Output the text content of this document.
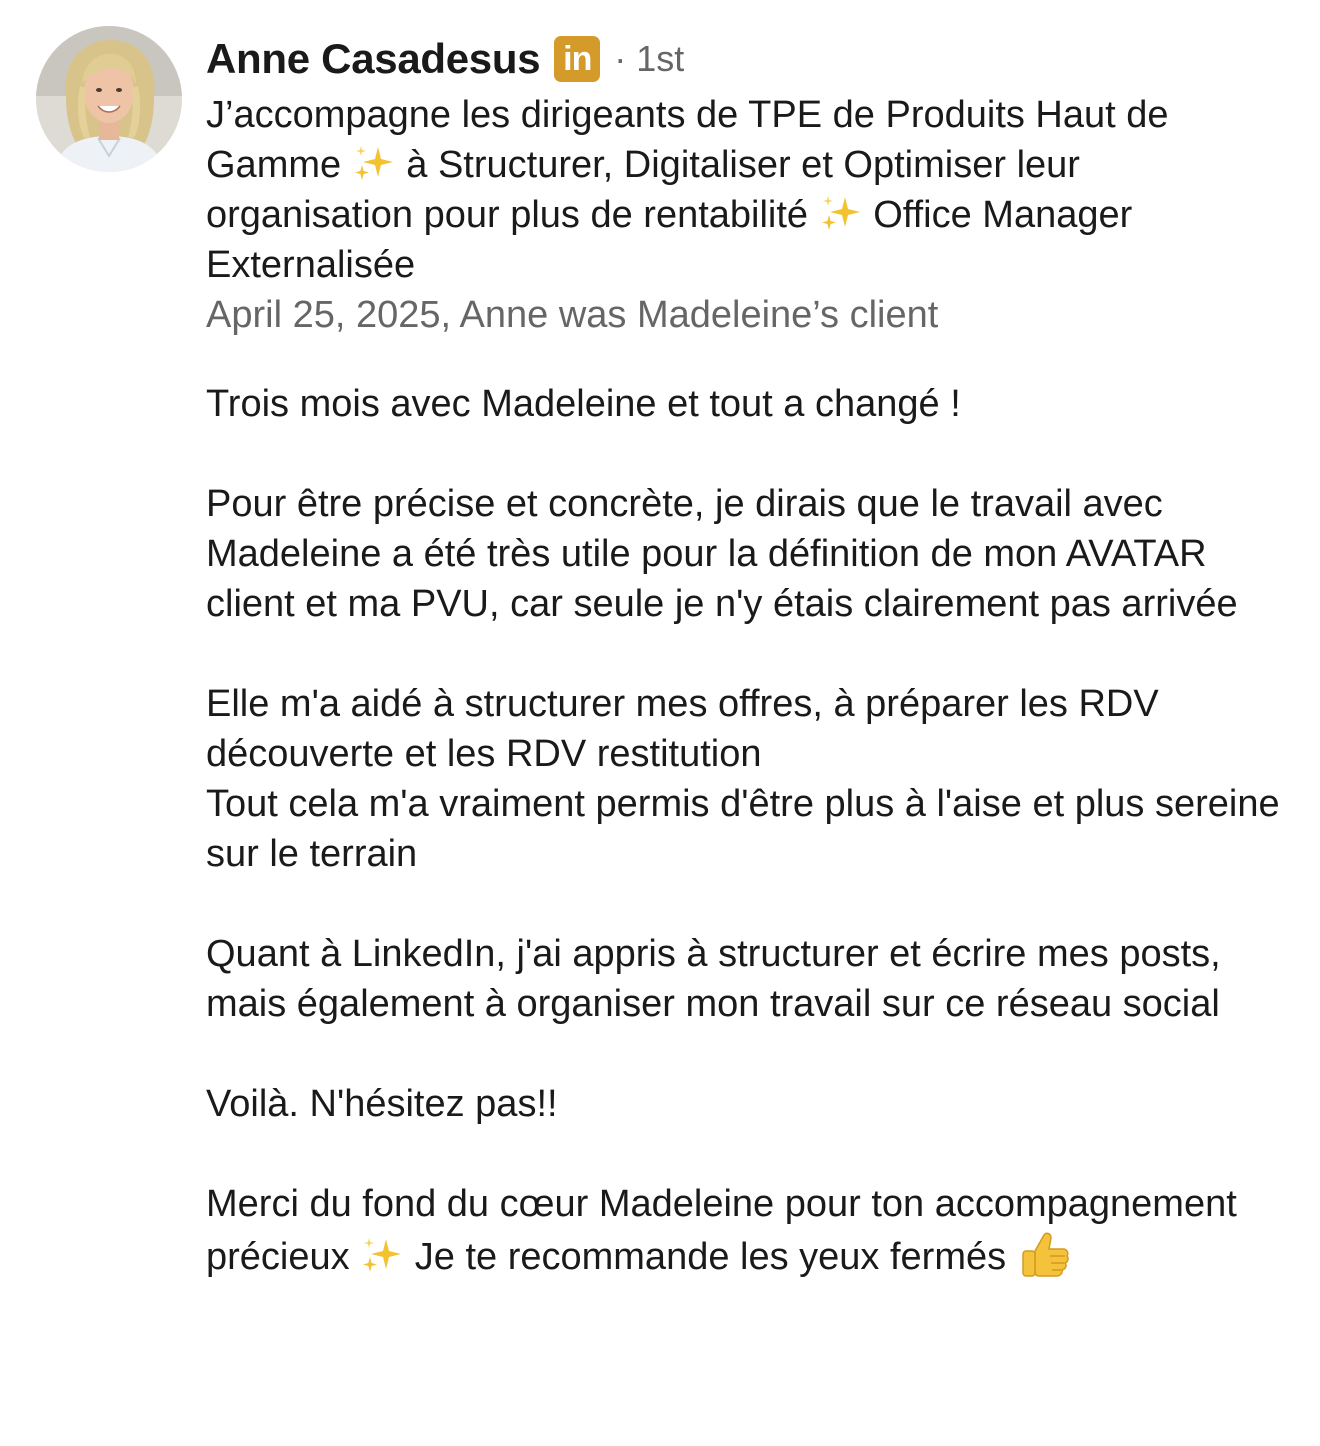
Anne Casadesus in · 1st

J’accompagne les dirigeants de TPE de Produits Haut de Gamme à Structurer, Digitaliser et Optimiser leur organisation pour plus de rentabilité Office Manager Externalisée

April 25, 2025, Anne was Madeleine’s client

Trois mois avec Madeleine et tout a changé !

Pour être précise et concrète, je dirais que le travail avec Madeleine a été très utile pour la définition de mon AVATAR client et ma PVU, car seule je n'y étais clairement pas arrivée

Elle m'a aidé à structurer mes offres, à préparer les RDV découverte et les RDV restitution
Tout cela m'a vraiment permis d'être plus à l'aise et plus sereine sur le terrain

Quant à LinkedIn, j'ai appris à structurer et écrire mes posts, mais également à organiser mon travail sur ce réseau social

Voilà. N'hésitez pas!!

Merci du fond du cœur Madeleine pour ton accompagnement précieux Je te recommande les yeux fermés
